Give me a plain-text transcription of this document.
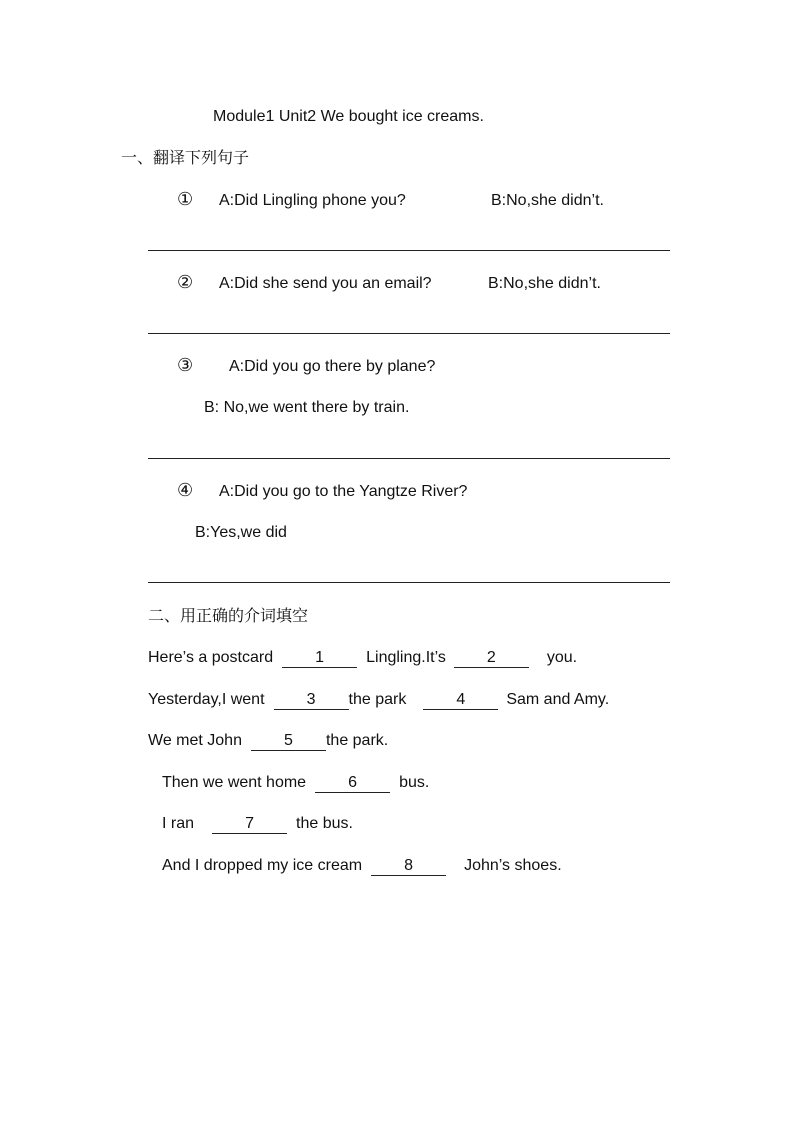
Module1 Unit2 We bought ice creams.
一、翻译下列句子
① A:Did Lingling phone you?	B:No,she didn’t.
② A:Did she send you an email?	B:No,she didn’t.
③ A:Did you go there by plane?
B: No,we went there by train.
④ A:Did you go to the Yangtze River?
B:Yes,we did
二、用正确的介词填空
Here’s a postcard	1	Lingling.It’s	2	you.
Yesterday,I went	3 the park	4	Sam and Amy.
We met John	5 the park.
Then we went home	6	bus.
I ran	7	the bus.
And I dropped my ice cream	8	John’s shoes.
